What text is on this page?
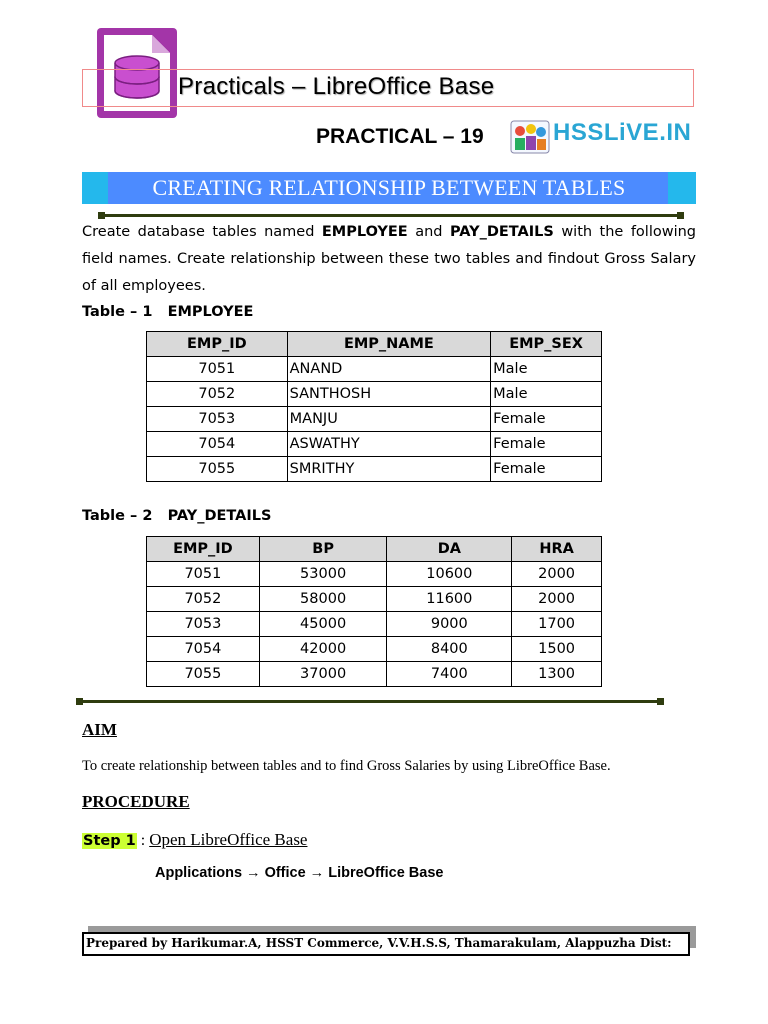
Practicals – LibreOffice Base
PRACTICAL – 19	HSSLiVE.IN
CREATING RELATIONSHIP BETWEEN TABLES
Create database tables named EMPLOYEE and PAY_DETAILS with the following field names. Create relationship between these two tables and findout Gross Salary of all employees.
Table – 1   EMPLOYEE
EMP_ID	EMP_NAME	EMP_SEX
7051	ANAND	Male
7052	SANTHOSH	Male
7053	MANJU	Female
7054	ASWATHY	Female
7055	SMRITHY	Female
Table – 2   PAY_DETAILS
EMP_ID	BP	DA	HRA
7051	53000	10600	2000
7052	58000	11600	2000
7053	45000	9000	1700
7054	42000	8400	1500
7055	37000	7400	1300
AIM
To create relationship between tables and to find Gross Salaries by using LibreOffice Base.
PROCEDURE
Step 1 : Open LibreOffice Base
Applications → Office → LibreOffice Base
Prepared by Harikumar.A, HSST Commerce, V.V.H.S.S, Thamarakulam, Alappuzha Dist:
